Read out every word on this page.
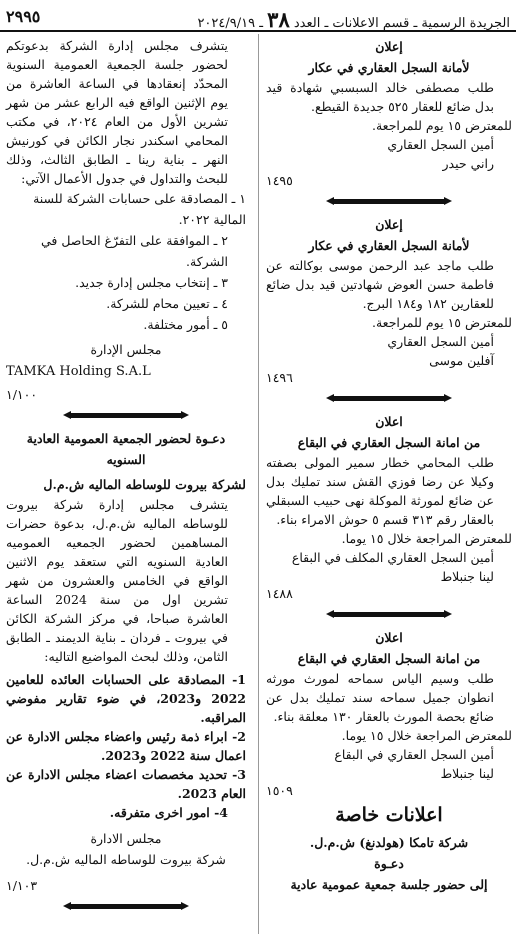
الجريدة الرسمية ـ قسم الاعلانات ـ العدد ٣٨ ـ ٢٠٢٤/٩/١٩
٢٩٩٥
إعلان
لأمانة السجل العقاري في عكار
طلب مصطفى خالد السبسبي شهادة قيد بدل ضائع للعقار ٥٢٥ جديدة القيطع.
للمعترض ١٥ يوم للمراجعة.
أمين السجل العقاري
راني حيدر
١٤٩٥
إعلان
لأمانة السجل العقاري في عكار
طلب ماجد عبد الرحمن موسى بوكالته عن فاطمة حسن العوض شهادتين قيد بدل ضائع للعقارين ١٨٢ و١٨٤ البرج.
للمعترض ١٥ يوم للمراجعة.
أمين السجل العقاري
آفلين موسى
١٤٩٦
اعلان
من امانة السجل العقاري في البقاع
طلب المحامي خطار سمير المولى بصفته وكيلا عن رضا فوزي القش سند تمليك بدل عن ضائع لمورثة الموكلة نهى حبيب السبقلي بالعقار رقم ٣١٣ قسم ٥ حوش الامراء بناء.
للمعترض المراجعة خلال ١٥ يوما.
أمين السجل العقاري المكلف في البقاع
لينا جنبلاط
١٤٨٨
اعلان
من امانة السجل العقاري في البقاع
طلب وسيم الياس سماحه لمورث مورثه انطوان جميل سماحه سند تمليك بدل عن ضائع بحصة المورث بالعقار ١٣٠ معلقة بناء.
للمعترض المراجعة خلال ١٥ يوما.
أمين السجل العقاري في البقاع
لينا جنبلاط
١٥٠٩
اعلانات خاصة
شركة تامكا (هولدنغ) ش.م.ل.
دعـوة
إلى حضور جلسة جمعية عمومية عادية
يتشرف مجلس إدارة الشركة بدعوتكم لحضور جلسة الجمعية العمومية السنوية المحدّد إنعقادها في الساعة العاشرة من يوم الإثنين الواقع فيه الرابع عشر من شهر تشرين الأول من العام ٢٠٢٤، في مكتب المحامي اسكندر نجار الكائن في كورنيش النهر ـ بناية رينا ـ الطابق الثالث، وذلك للبحث والتداول في جدول الأعمال الآتي:
١ ـ المصادقة على حسابات الشركة للسنة المالية ٢٠٢٢.
٢ ـ الموافقة على التفرّغ الحاصل في الشركة.
٣ ـ إنتخاب مجلس إدارة جديد.
٤ ـ تعيين محام للشركة.
٥ ـ أمور مختلفة.
مجلس الإدارة
TAMKA Holding S.A.L
١/١٠٠
دعـوة لحضور الجمعية العمومية العادية السنويه
لشركة بيروت للوساطه الماليه ش.م.ل
يتشرف مجلس إدارة شركة بيروت للوساطه الماليه ش.م.ل، بدعوة حضرات المساهمين لحضور الجمعيه العموميه العادية السنويه التي ستعقد يوم الاثنين الواقع في الخامس والعشرون من شهر تشرين اول من سنة 2024 الساعة العاشرة صباحا، في مركز الشركة الكائن في بيروت ـ فردان ـ بناية الديمند ـ الطابق الثامن، وذلك لبحث المواضيع التاليه:
1- المصادقة على الحسابات العائده للعامين 2022 و2023، في ضوء تقارير مفوضي المراقبه.
2- ابراء ذمة رئيس واعضاء مجلس الادارة عن اعمال سنة 2022 و2023.
3- تحديد مخصصات اعضاء مجلس الادارة عن العام 2023.
4- امور اخرى متفرقه.
مجلس الادارة
شركة بيروت للوساطه الماليه ش.م.ل.
١/١٠٣
